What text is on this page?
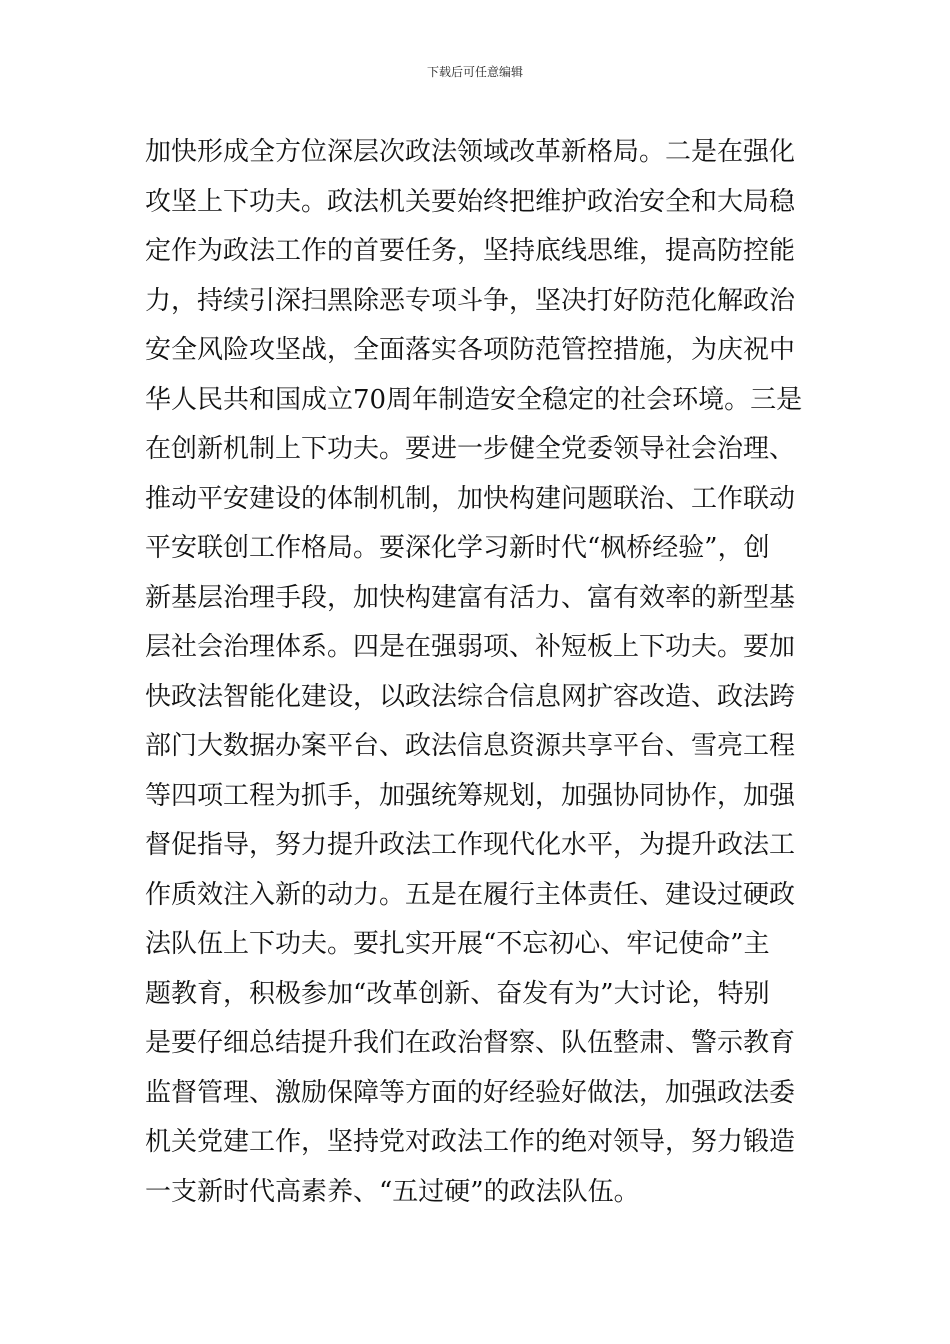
下载后可任意编辑
加快形成全方位深层次政法领域改革新格局。二是在强化
攻坚上下功夫。政法机关要始终把维护政治安全和大局稳
定作为政法工作的首要任务，坚持底线思维，提高防控能
力，持续引深扫黑除恶专项斗争，坚决打好防范化解政治
安全风险攻坚战，全面落实各项防范管控措施，为庆祝中
华人民共和国成立70周年制造安全稳定的社会环境。三是
在创新机制上下功夫。要进一步健全党委领导社会治理、
推动平安建设的体制机制，加快构建问题联治、工作联动
平安联创工作格局。要深化学习新时代“枫桥经验”，创
新基层治理手段，加快构建富有活力、富有效率的新型基
层社会治理体系。四是在强弱项、补短板上下功夫。要加
快政法智能化建设，以政法综合信息网扩容改造、政法跨
部门大数据办案平台、政法信息资源共享平台、雪亮工程
等四项工程为抓手，加强统筹规划，加强协同协作，加强
督促指导，努力提升政法工作现代化水平，为提升政法工
作质效注入新的动力。五是在履行主体责任、建设过硬政
法队伍上下功夫。要扎实开展“不忘初心、牢记使命”主
题教育，积极参加“改革创新、奋发有为”大讨论，特别
是要仔细总结提升我们在政治督察、队伍整肃、警示教育
监督管理、激励保障等方面的好经验好做法，加强政法委
机关党建工作，坚持党对政法工作的绝对领导，努力锻造
一支新时代高素养、“五过硬”的政法队伍。
